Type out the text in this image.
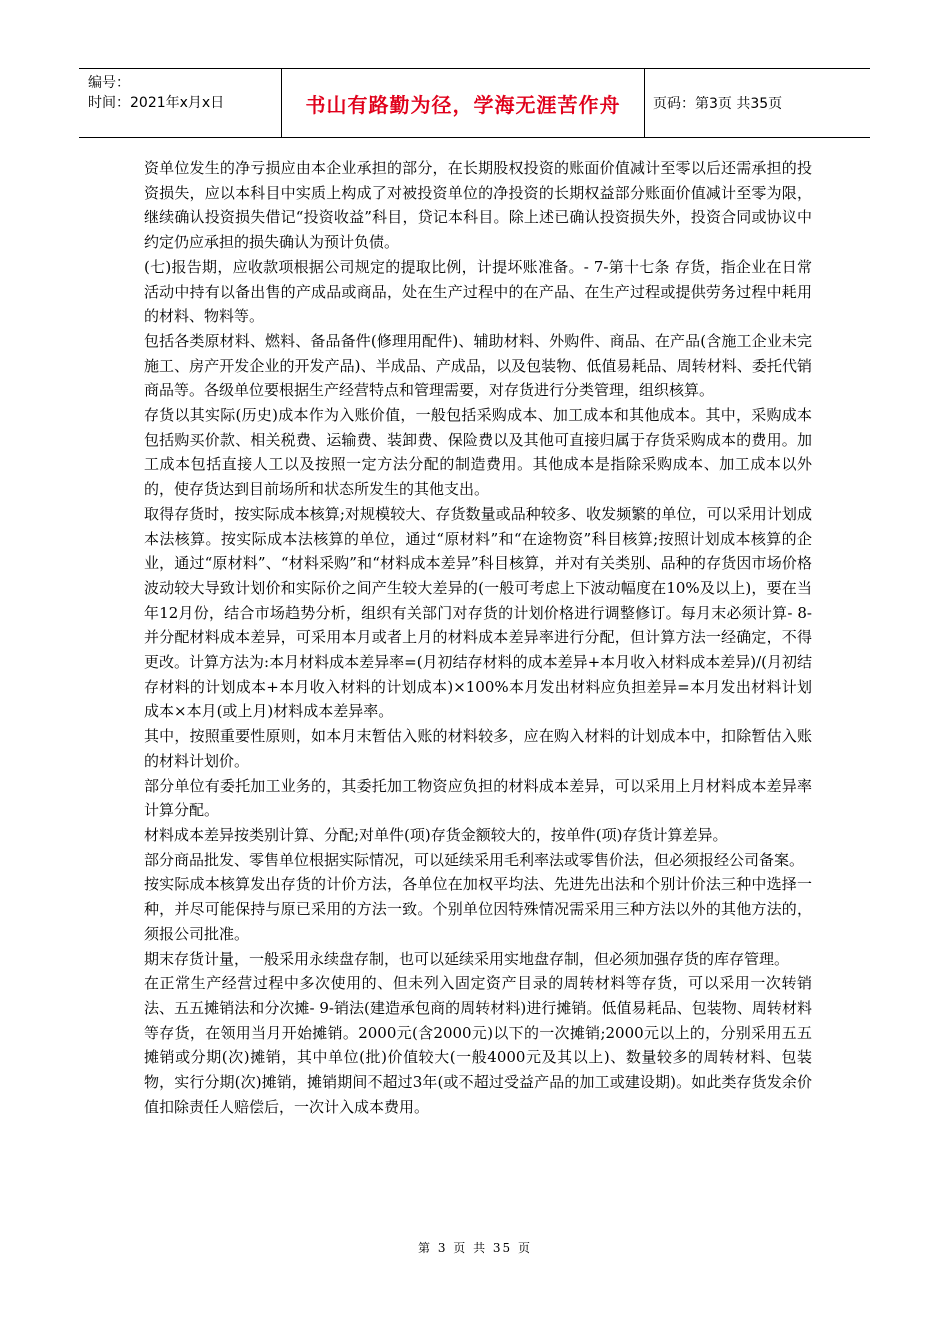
编号：
时间：2021年x月x日	书山有路勤为径，学海无涯苦作舟 页码：第3页 共35页

资单位发生的净亏损应由本企业承担的部分，在长期股权投资的账面价值减计至零以后还需承担的投资损失，应以本科目中实质上构成了对被投资单位的净投资的长期权益部分账面价值减计至零为限，继续确认投资损失借记“投资收益”科目，贷记本科目。除上述已确认投资损失外，投资合同或协议中约定仍应承担的损失确认为预计负债。

(七)报告期，应收款项根据公司规定的提取比例，计提坏账准备。- 7-第十七条 存货，指企业在日常活动中持有以备出售的产成品或商品，处在生产过程中的在产品、在生产过程或提供劳务过程中耗用的材料、物料等。

包括各类原材料、燃料、备品备件(修理用配件)、辅助材料、外购件、商品、在产品(含施工企业未完施工、房产开发企业的开发产品)、半成品、产成品，以及包装物、低值易耗品、周转材料、委托代销商品等。各级单位要根据生产经营特点和管理需要，对存货进行分类管理，组织核算。

存货以其实际(历史)成本作为入账价值，一般包括采购成本、加工成本和其他成本。其中，采购成本包括购买价款、相关税费、运输费、装卸费、保险费以及其他可直接归属于存货采购成本的费用。加工成本包括直接人工以及按照一定方法分配的制造费用。其他成本是指除采购成本、加工成本以外的，使存货达到目前场所和状态所发生的其他支出。

取得存货时，按实际成本核算;对规模较大、存货数量或品种较多、收发频繁的单位，可以采用计划成本法核算。按实际成本法核算的单位，通过“原材料”和“在途物资”科目核算;按照计划成本核算的企业，通过“原材料”、“材料采购”和“材料成本差异”科目核算，并对有关类别、品种的存货因市场价格波动较大导致计划价和实际价之间产生较大差异的(一般可考虑上下波动幅度在10%及以上)，要在当年12月份，结合市场趋势分析，组织有关部门对存货的计划价格进行调整修订。每月末必须计算- 8-并分配材料成本差异，可采用本月或者上月的材料成本差异率进行分配，但计算方法一经确定，不得更改。计算方法为:本月材料成本差异率=(月初结存材料的成本差异+本月收入材料成本差异)/(月初结存材料的计划成本+本月收入材料的计划成本)×100%本月发出材料应负担差异=本月发出材料计划成本×本月(或上月)材料成本差异率。

其中，按照重要性原则，如本月末暂估入账的材料较多，应在购入材料的计划成本中，扣除暂估入账的材料计划价。

部分单位有委托加工业务的，其委托加工物资应负担的材料成本差异，可以采用上月材料成本差异率计算分配。

材料成本差异按类别计算、分配;对单件(项)存货金额较大的，按单件(项)存货计算差异。

部分商品批发、零售单位根据实际情况，可以延续采用毛利率法或零售价法，但必须报经公司备案。

按实际成本核算发出存货的计价方法，各单位在加权平均法、先进先出法和个别计价法三种中选择一种，并尽可能保持与原已采用的方法一致。个别单位因特殊情况需采用三种方法以外的其他方法的，须报公司批准。

期末存货计量，一般采用永续盘存制，也可以延续采用实地盘存制，但必须加强存货的库存管理。

在正常生产经营过程中多次使用的、但未列入固定资产目录的周转材料等存货，可以采用一次转销法、五五摊销法和分次摊- 9-销法(建造承包商的周转材料)进行摊销。低值易耗品、包装物、周转材料等存货，在领用当月开始摊销。2000元(含2000元)以下的一次摊销;2000元以上的，分别采用五五摊销或分期(次)摊销，其中单位(批)价值较大(一般4000元及其以上)、数量较多的周转材料、包装物，实行分期(次)摊销，摊销期间不超过3年(或不超过受益产品的加工或建设期)。如此类存货发余价值扣除责任人赔偿后，一次计入成本费用。

第 3 页 共 35 页
